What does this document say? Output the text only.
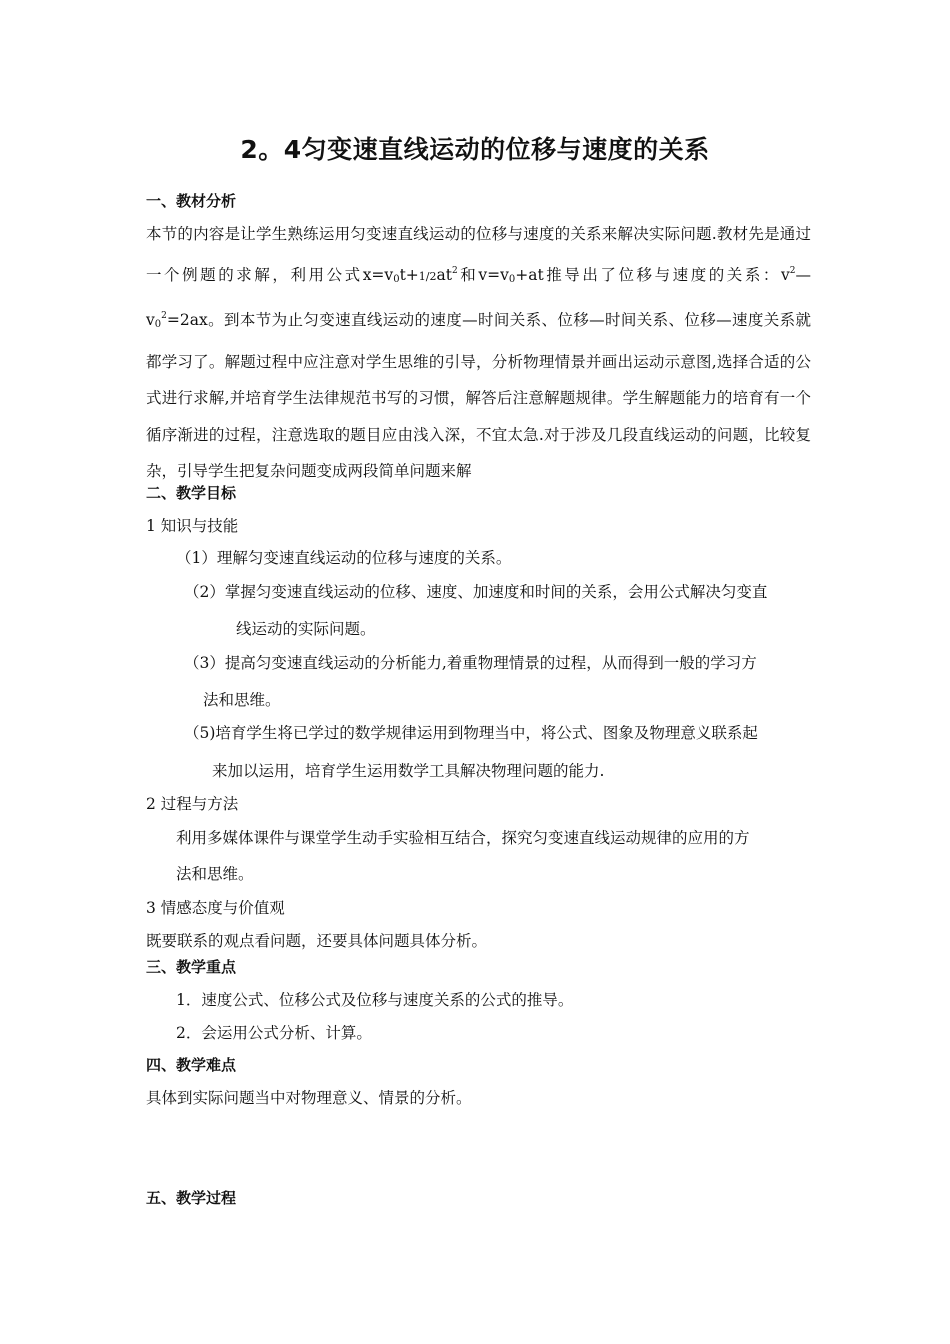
2。4匀变速直线运动的位移与速度的关系
一、教材分析
本节的内容是让学生熟练运用匀变速直线运动的位移与速度的关系来解决实际问题.教材先是通过一个例题的求解，利用公式$x=v_0t+1/2at^2$和$v=v_0+at$推导出了位移与速度的关系：$v^2—v_0^2=2ax$。到本节为止匀变速直线运动的速度—时间关系、位移—时间关系、位移—速度关系就都学习了。解题过程中应注意对学生思维的引导，分析物理情景并画出运动示意图,选择合适的公式进行求解,并培育学生法律规范书写的习惯，解答后注意解题规律。学生解题能力的培育有一个循序渐进的过程，注意选取的题目应由浅入深，不宜太急.对于涉及几段直线运动的问题，比较复杂，引导学生把复杂问题变成两段简单问题来解
二、教学目标
1 知识与技能
（1）理解匀变速直线运动的位移与速度的关系。
（2）掌握匀变速直线运动的位移、速度、加速度和时间的关系，会用公式解决匀变直
线运动的实际问题。
（3）提高匀变速直线运动的分析能力,着重物理情景的过程，从而得到一般的学习方
法和思维。
（5)培育学生将已学过的数学规律运用到物理当中，将公式、图象及物理意义联系起
来加以运用，培育学生运用数学工具解决物理问题的能力.
2 过程与方法
利用多媒体课件与课堂学生动手实验相互结合，探究匀变速直线运动规律的应用的方
法和思维。
3 情感态度与价值观
既要联系的观点看问题，还要具体问题具体分析。
三、教学重点
1．速度公式、位移公式及位移与速度关系的公式的推导。
2．会运用公式分析、计算。
四、教学难点
具体到实际问题当中对物理意义、情景的分析。
五、教学过程
